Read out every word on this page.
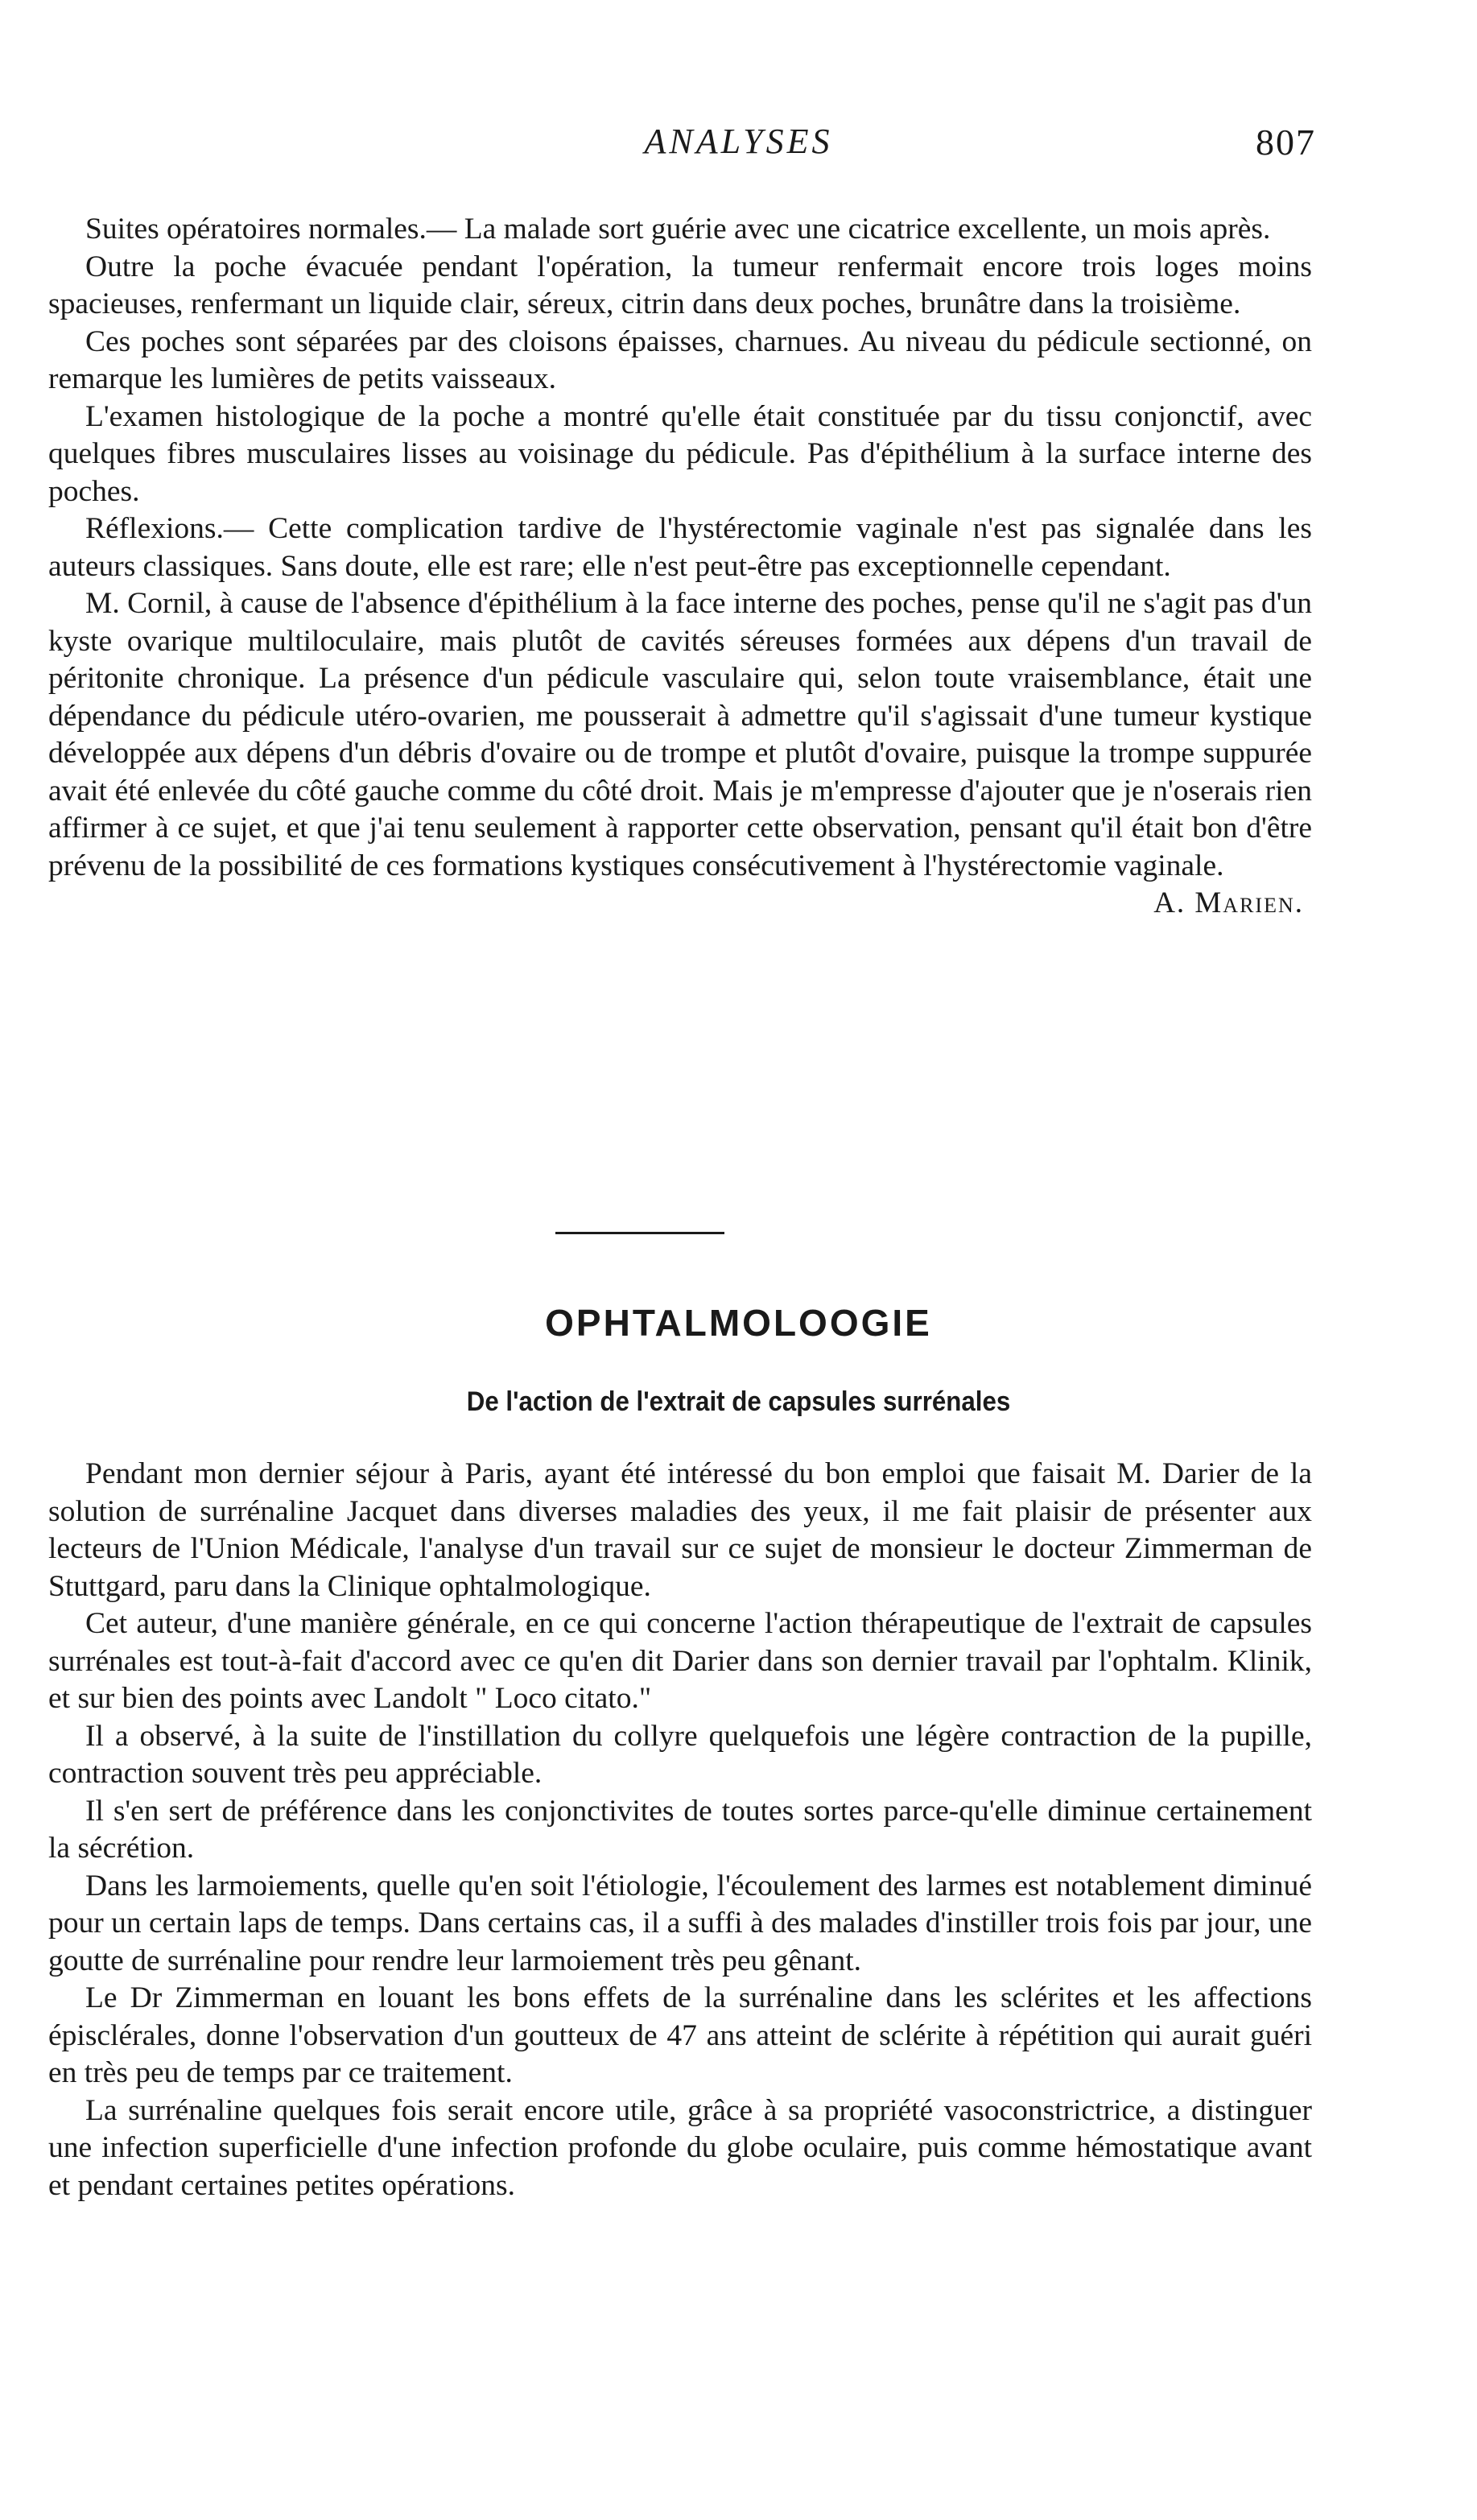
ANALYSES	807

Suites opératoires normales.— La malade sort guérie avec une cicatrice excellente, un mois après.

Outre la poche évacuée pendant l'opération, la tumeur renfermait encore trois loges moins spacieuses, renfermant un liquide clair, séreux, citrin dans deux poches, brunâtre dans la troisième.

Ces poches sont séparées par des cloisons épaisses, charnues. Au niveau du pédicule sectionné, on remarque les lumières de petits vaisseaux.

L'examen histologique de la poche a montré qu'elle était constituée par du tissu conjonctif, avec quelques fibres musculaires lisses au voisinage du pédicule. Pas d'épithélium à la surface interne des poches.

Réflexions.— Cette complication tardive de l'hystérectomie vaginale n'est pas signalée dans les auteurs classiques. Sans doute, elle est rare; elle n'est peut-être pas exceptionnelle cependant.

M. Cornil, à cause de l'absence d'épithélium à la face interne des poches, pense qu'il ne s'agit pas d'un kyste ovarique multiloculaire, mais plutôt de cavités séreuses formées aux dépens d'un travail de péritonite chronique. La présence d'un pédicule vasculaire qui, selon toute vraisemblance, était une dépendance du pédicule utéro-ovarien, me pousserait à admettre qu'il s'agissait d'une tumeur kystique développée aux dépens d'un débris d'ovaire ou de trompe et plutôt d'ovaire, puisque la trompe suppurée avait été enlevée du côté gauche comme du côté droit. Mais je m'empresse d'ajouter que je n'oserais rien affirmer à ce sujet, et que j'ai tenu seulement à rapporter cette observation, pensant qu'il était bon d'être prévenu de la possibilité de ces formations kystiques consécutivement à l'hystérectomie vaginale.

A. Marien.
OPHTALMOLOOGIE
De l'action de l'extrait de capsules surrénales

Pendant mon dernier séjour à Paris, ayant été intéressé du bon emploi que faisait M. Darier de la solution de surrénaline Jacquet dans diverses maladies des yeux, il me fait plaisir de présenter aux lecteurs de l'Union Médicale, l'analyse d'un travail sur ce sujet de monsieur le docteur Zimmerman de Stuttgard, paru dans la Clinique ophtalmologique.

Cet auteur, d'une manière générale, en ce qui concerne l'action thérapeutique de l'extrait de capsules surrénales est tout-à-fait d'accord avec ce qu'en dit Darier dans son dernier travail par l'ophtalm. Klinik, et sur bien des points avec Landolt " Loco citato."

Il a observé, à la suite de l'instillation du collyre quelquefois une légère contraction de la pupille, contraction souvent très peu appréciable.

Il s'en sert de préférence dans les conjonctivites de toutes sortes parce-qu'elle diminue certainement la sécrétion.

Dans les larmoiements, quelle qu'en soit l'étiologie, l'écoulement des larmes est notablement diminué pour un certain laps de temps. Dans certains cas, il a suffi à des malades d'instiller trois fois par jour, une goutte de surrénaline pour rendre leur larmoiement très peu gênant.

Le Dr Zimmerman en louant les bons effets de la surrénaline dans les sclérites et les affections épisclérales, donne l'observation d'un goutteux de 47 ans atteint de sclérite à répétition qui aurait guéri en très peu de temps par ce traitement.

La surrénaline quelques fois serait encore utile, grâce à sa propriété vasoconstrictrice, a distinguer une infection superficielle d'une infection profonde du globe oculaire, puis comme hémostatique avant et pendant certaines petites opérations.
